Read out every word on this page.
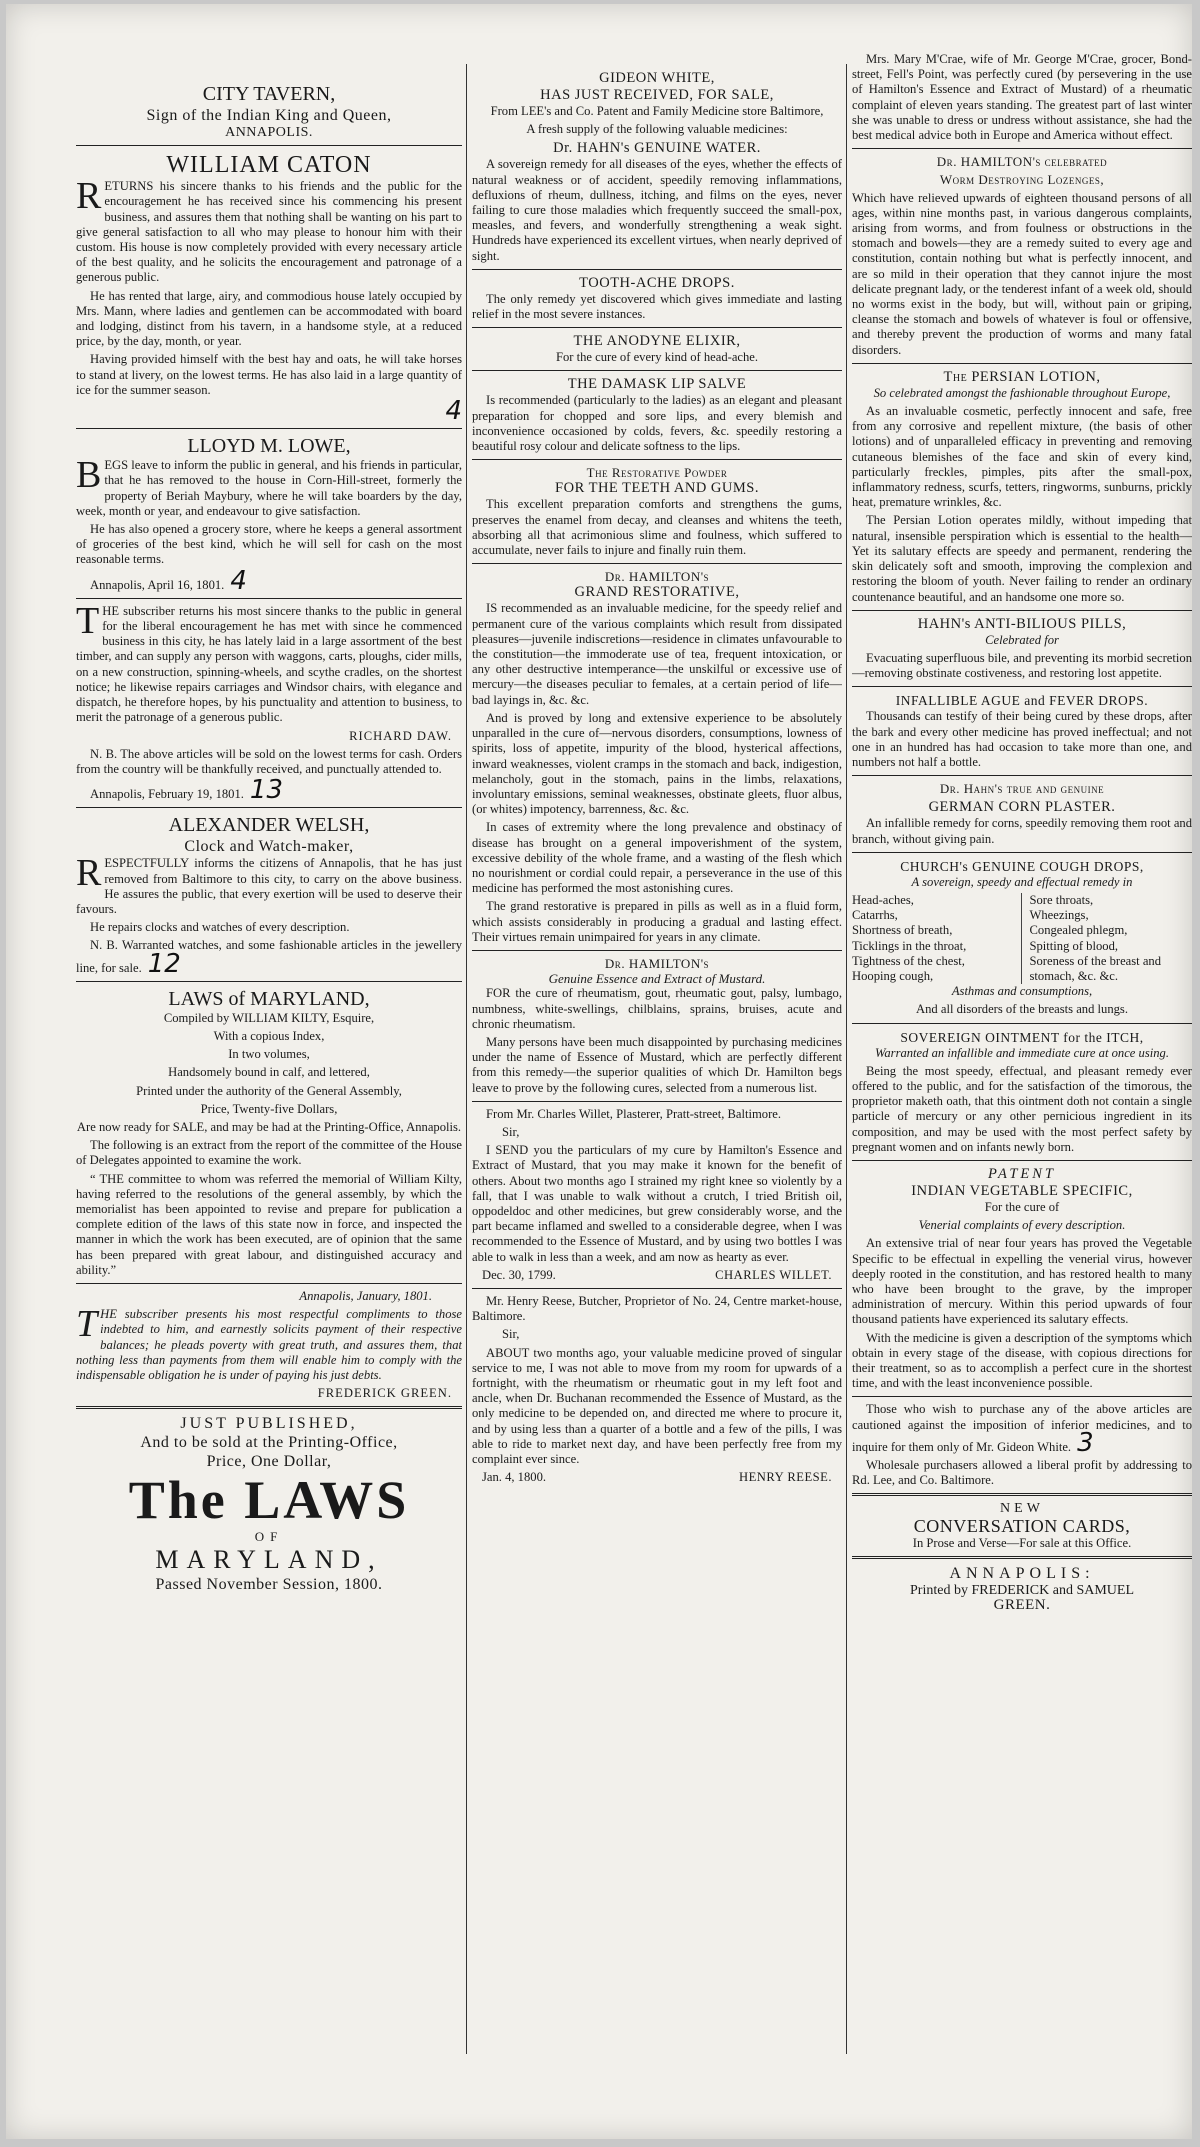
CITY TAVERN,

Sign of the Indian King and Queen,

ANNAPOLIS.

WILLIAM CATON

RETURNS his sincere thanks to his friends and the public for the encouragement he has received since his commencing his present business, and assures them that nothing shall be wanting on his part to give general satisfaction to all who may please to honour him with their custom. His house is now completely provided with every necessary article of the best quality, and he solicits the encouragement and patronage of a generous public.

He has rented that large, airy, and commodious house lately occupied by Mrs. Mann, where ladies and gentlemen can be accommodated with board and lodging, distinct from his tavern, in a handsome style, at a reduced price, by the day, month, or year.

Having provided himself with the best hay and oats, he will take horses to stand at livery, on the lowest terms. He has also laid in a large quantity of ice for the summer season.

4

LLOYD M. LOWE,

BEGS leave to inform the public in general, and his friends in particular, that he has removed to the house in Corn-Hill-street, formerly the property of Beriah Maybury, where he will take boarders by the day, week, month or year, and endeavour to give satisfaction.

He has also opened a grocery store, where he keeps a general assortment of groceries of the best kind, which he will sell for cash on the most reasonable terms.

Annapolis, April 16, 1801. 4

THE subscriber returns his most sincere thanks to the public in general for the liberal encouragement he has met with since he commenced business in this city, he has lately laid in a large assortment of the best timber, and can supply any person with waggons, carts, ploughs, cider mills, on a new construction, spinning-wheels, and scythe cradles, on the shortest notice; he likewise repairs carriages and Windsor chairs, with elegance and dispatch, he therefore hopes, by his punctuality and attention to business, to merit the patronage of a generous public.

RICHARD DAW.

N. B. The above articles will be sold on the lowest terms for cash. Orders from the country will be thankfully received, and punctually attended to.

Annapolis, February 19, 1801. 13

ALEXANDER WELSH,

Clock and Watch-maker,

RESPECTFULLY informs the citizens of Annapolis, that he has just removed from Baltimore to this city, to carry on the above business. He assures the public, that every exertion will be used to deserve their favours.

He repairs clocks and watches of every description.

N. B. Warranted watches, and some fashionable articles in the jewellery line, for sale. 12

LAWS of MARYLAND,

Compiled by WILLIAM KILTY, Esquire,

With a copious Index,

In two volumes,

Handsomely bound in calf, and lettered,

Printed under the authority of the General Assembly,

Price, Twenty-five Dollars,

Are now ready for SALE, and may be had at the Printing-Office, Annapolis.

The following is an extract from the report of the committee of the House of Delegates appointed to examine the work.

“ THE committee to whom was referred the memorial of William Kilty, having referred to the resolutions of the general assembly, by which the memorialist has been appointed to revise and prepare for publication a complete edition of the laws of this state now in force, and inspected the manner in which the work has been executed, are of opinion that the same has been prepared with great labour, and distinguished accuracy and ability.”

Annapolis, January, 1801.

THE subscriber presents his most respectful compliments to those indebted to him, and earnestly solicits payment of their respective balances; he pleads poverty with great truth, and assures them, that nothing less than payments from them will enable him to comply with the indispensable obligation he is under of paying his just debts.

FREDERICK GREEN.

JUST PUBLISHED,

And to be sold at the Printing-Office,

Price, One Dollar,

The LAWS

OF

MARYLAND,

Passed November Session, 1800.

GIDEON WHITE,

HAS JUST RECEIVED, FOR SALE,

From LEE's and Co. Patent and Family Medicine store Baltimore,

A fresh supply of the following valuable medicines:

Dr. HAHN's GENUINE WATER.

A sovereign remedy for all diseases of the eyes, whether the effects of natural weakness or of accident, speedily removing inflammations, defluxions of rheum, dullness, itching, and films on the eyes, never failing to cure those maladies which frequently succeed the small-pox, measles, and fevers, and wonderfully strengthening a weak sight. Hundreds have experienced its excellent virtues, when nearly deprived of sight.

TOOTH-ACHE DROPS.

The only remedy yet discovered which gives immediate and lasting relief in the most severe instances.

THE ANODYNE ELIXIR,

For the cure of every kind of head-ache.

THE DAMASK LIP SALVE

Is recommended (particularly to the ladies) as an elegant and pleasant preparation for chopped and sore lips, and every blemish and inconvenience occasioned by colds, fevers, &c. speedily restoring a beautiful rosy colour and delicate softness to the lips.

The Restorative Powder

FOR THE TEETH AND GUMS.

This excellent preparation comforts and strengthens the gums, preserves the enamel from decay, and cleanses and whitens the teeth, absorbing all that acrimonious slime and foulness, which suffered to accumulate, never fails to injure and finally ruin them.

Dr. HAMILTON's

GRAND RESTORATIVE,

IS recommended as an invaluable medicine, for the speedy relief and permanent cure of the various complaints which result from dissipated pleasures—juvenile indiscretions—residence in climates unfavourable to the constitution—the immoderate use of tea, frequent intoxication, or any other destructive intemperance—the unskilful or excessive use of mercury—the diseases peculiar to females, at a certain period of life—bad layings in, &c. &c.

And is proved by long and extensive experience to be absolutely unparalled in the cure of—nervous disorders, consumptions, lowness of spirits, loss of appetite, impurity of the blood, hysterical affections, inward weaknesses, violent cramps in the stomach and back, indigestion, melancholy, gout in the stomach, pains in the limbs, relaxations, involuntary emissions, seminal weaknesses, obstinate gleets, fluor albus, (or whites) impotency, barrenness, &c. &c.

In cases of extremity where the long prevalence and obstinacy of disease has brought on a general impoverishment of the system, excessive debility of the whole frame, and a wasting of the flesh which no nourishment or cordial could repair, a perseverance in the use of this medicine has performed the most astonishing cures.

The grand restorative is prepared in pills as well as in a fluid form, which assists considerably in producing a gradual and lasting effect. Their virtues remain unimpaired for years in any climate.

Dr. HAMILTON's

Genuine Essence and Extract of Mustard.

FOR the cure of rheumatism, gout, rheumatic gout, palsy, lumbago, numbness, white-swellings, chilblains, sprains, bruises, acute and chronic rheumatism.

Many persons have been much disappointed by purchasing medicines under the name of Essence of Mustard, which are perfectly different from this remedy—the superior qualities of which Dr. Hamilton begs leave to prove by the following cures, selected from a numerous list.

From Mr. Charles Willet, Plasterer, Pratt-street, Baltimore.

Sir,

I SEND you the particulars of my cure by Hamilton's Essence and Extract of Mustard, that you may make it known for the benefit of others. About two months ago I strained my right knee so violently by a fall, that I was unable to walk without a crutch, I tried British oil, oppodeldoc and other medicines, but grew considerably worse, and the part became inflamed and swelled to a considerable degree, when I was recommended to the Essence of Mustard, and by using two bottles I was able to walk in less than a week, and am now as hearty as ever.

Dec. 30, 1799.	CHARLES WILLET.

Mr. Henry Reese, Butcher, Proprietor of No. 24, Centre market-house, Baltimore.

Sir,

ABOUT two months ago, your valuable medicine proved of singular service to me, I was not able to move from my room for upwards of a fortnight, with the rheumatism or rheumatic gout in my left foot and ancle, when Dr. Buchanan recommended the Essence of Mustard, as the only medicine to be depended on, and directed me where to procure it, and by using less than a quarter of a bottle and a few of the pills, I was able to ride to market next day, and have been perfectly free from my complaint ever since.

Jan. 4, 1800.	HENRY REESE.

Mrs. Mary M'Crae, wife of Mr. George M'Crae, grocer, Bond-street, Fell's Point, was perfectly cured (by persevering in the use of Hamilton's Essence and Extract of Mustard) of a rheumatic complaint of eleven years standing. The greatest part of last winter she was unable to dress or undress without assistance, she had the best medical advice both in Europe and America without effect.

Dr. HAMILTON's celebrated

Worm Destroying Lozenges,

Which have relieved upwards of eighteen thousand persons of all ages, within nine months past, in various dangerous complaints, arising from worms, and from foulness or obstructions in the stomach and bowels—they are a remedy suited to every age and constitution, contain nothing but what is perfectly innocent, and are so mild in their operation that they cannot injure the most delicate pregnant lady, or the tenderest infant of a week old, should no worms exist in the body, but will, without pain or griping, cleanse the stomach and bowels of whatever is foul or offensive, and thereby prevent the production of worms and many fatal disorders.

The PERSIAN LOTION,

So celebrated amongst the fashionable throughout Europe,

As an invaluable cosmetic, perfectly innocent and safe, free from any corrosive and repellent mixture, (the basis of other lotions) and of unparalleled efficacy in preventing and removing cutaneous blemishes of the face and skin of every kind, particularly freckles, pimples, pits after the small-pox, inflammatory redness, scurfs, tetters, ringworms, sunburns, prickly heat, premature wrinkles, &c.

The Persian Lotion operates mildly, without impeding that natural, insensible perspiration which is essential to the health—Yet its salutary effects are speedy and permanent, rendering the skin delicately soft and smooth, improving the complexion and restoring the bloom of youth. Never failing to render an ordinary countenance beautiful, and an handsome one more so.

HAHN's ANTI-BILIOUS PILLS,

Celebrated for

Evacuating superfluous bile, and preventing its morbid secretion—removing obstinate costiveness, and restoring lost appetite.

INFALLIBLE AGUE and FEVER DROPS.

Thousands can testify of their being cured by these drops, after the bark and every other medicine has proved ineffectual; and not one in an hundred has had occasion to take more than one, and numbers not half a bottle.

Dr. Hahn's true and genuine

GERMAN CORN PLASTER.

An infallible remedy for corns, speedily removing them root and branch, without giving pain.

CHURCH's GENUINE COUGH DROPS,

A sovereign, speedy and effectual remedy in

Head-aches,
Catarrhs,
Shortness of breath,
Ticklings in the throat,
Tightness of the chest,
Hooping cough,
Sore throats,
Wheezings,
Congealed phlegm,
Spitting of blood,
Soreness of the breast and stomach, &c. &c.

Asthmas and consumptions,

And all disorders of the breasts and lungs.

SOVEREIGN OINTMENT for the ITCH,

Warranted an infallible and immediate cure at once using.

Being the most speedy, effectual, and pleasant remedy ever offered to the public, and for the satisfaction of the timorous, the proprietor maketh oath, that this ointment doth not contain a single particle of mercury or any other pernicious ingredient in its composition, and may be used with the most perfect safety by pregnant women and on infants newly born.

PATENT

INDIAN VEGETABLE SPECIFIC,

For the cure of

Venerial complaints of every description.

An extensive trial of near four years has proved the Vegetable Specific to be effectual in expelling the venerial virus, however deeply rooted in the constitution, and has restored health to many who have been brought to the grave, by the improper administration of mercury. Within this period upwards of four thousand patients have experienced its salutary effects.

With the medicine is given a description of the symptoms which obtain in every stage of the disease, with copious directions for their treatment, so as to accomplish a perfect cure in the shortest time, and with the least inconvenience possible.

Those who wish to purchase any of the above articles are cautioned against the imposition of inferior medicines, and to inquire for them only of Mr. Gideon White. 3

Wholesale purchasers allowed a liberal profit by addressing to Rd. Lee, and Co. Baltimore.

NEW

CONVERSATION CARDS,

In Prose and Verse—For sale at this Office.

ANNAPOLIS:

Printed by FREDERICK and SAMUEL

GREEN.
